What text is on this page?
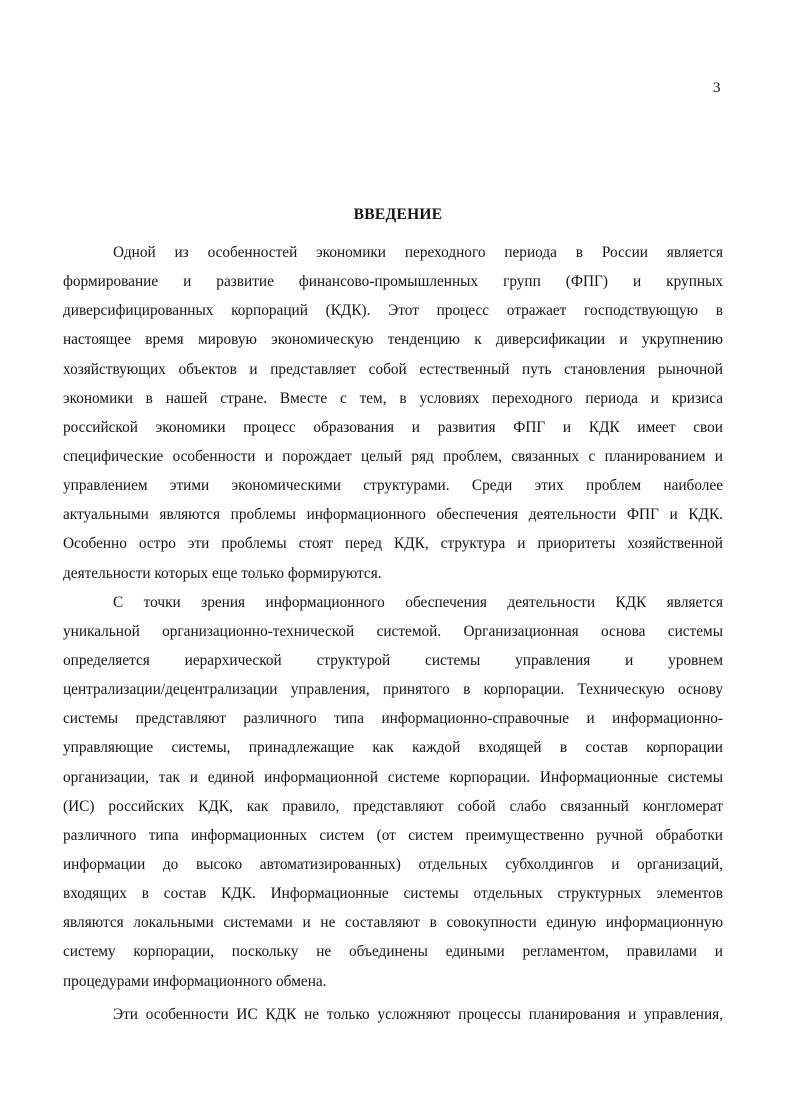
3
ВВЕДЕНИЕ
Одной из особенностей экономики переходного периода в России является
формирование и развитие финансово-промышленных групп (ФПГ) и крупных
диверсифицированных корпораций (КДК). Этот процесс отражает господствующую в
настоящее время мировую экономическую тенденцию к диверсификации и укрупнению
хозяйствующих объектов и представляет собой естественный путь становления рыночной
экономики в нашей стране. Вместе с тем, в условиях переходного периода и кризиса
российской экономики процесс образования и развития ФПГ и КДК имеет свои
специфические особенности и порождает целый ряд проблем, связанных с планированием и
управлением этими экономическими структурами. Среди этих проблем наиболее
актуальными являются проблемы информационного обеспечения деятельности ФПГ и КДК.
Особенно остро эти проблемы стоят перед КДК, структура и приоритеты хозяйственной
деятельности которых еще только формируются.
С точки зрения информационного обеспечения деятельности КДК является
уникальной организационно-технической системой. Организационная основа системы
определяется иерархической структурой системы управления и уровнем
централизации/децентрализации управления, принятого в корпорации. Техническую основу
системы представляют различного типа информационно-справочные и информационно-
управляющие системы, принадлежащие как каждой входящей в состав корпорации
организации, так и единой информационной системе корпорации. Информационные системы
(ИС) российских КДК, как правило, представляют собой слабо связанный конгломерат
различного типа информационных систем (от систем преимущественно ручной обработки
информации до высоко автоматизированных) отдельных субхолдингов и организаций,
входящих в состав КДК. Информационные системы отдельных структурных элементов
являются локальными системами и не составляют в совокупности единую информационную
систему корпорации, поскольку не объединены едиными регламентом, правилами и
процедурами информационного обмена.
Эти особенности ИС КДК не только усложняют процессы планирования и управления,
